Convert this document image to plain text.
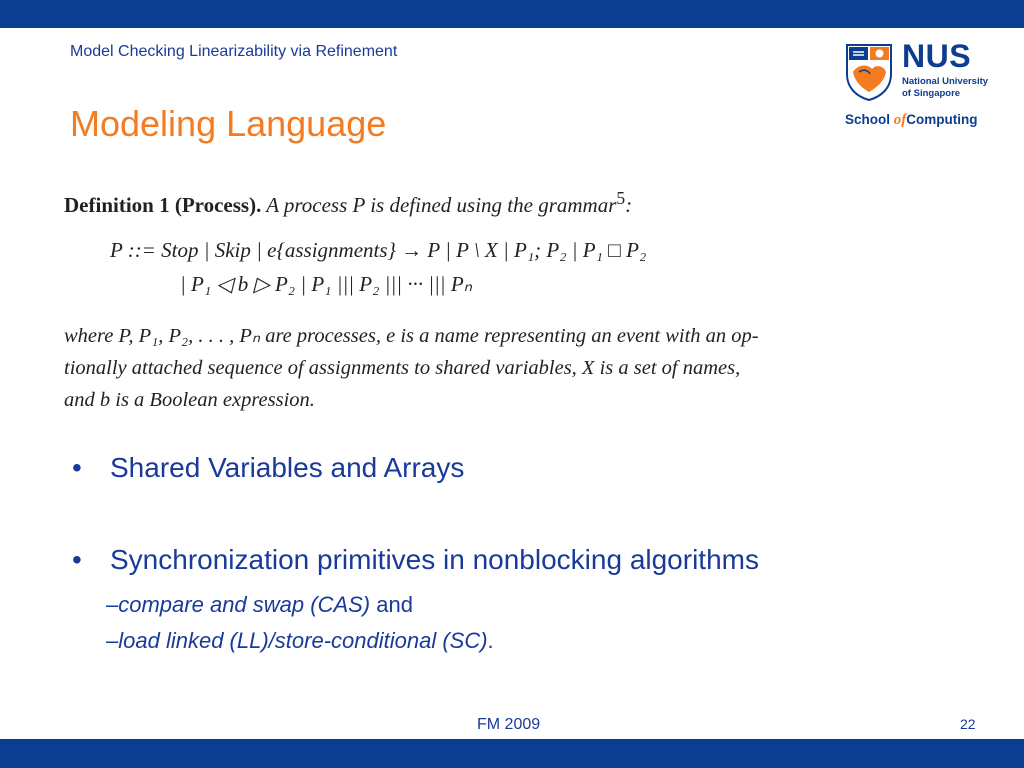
Model Checking Linearizability via Refinement
Modeling Language
NUS
National University
of Singapore
School ofComputing
Definition 1 (Process). A process P is defined using the grammar$^5$:
P ::= Stop | Skip | e{assignments} → P | P \ X | P₁; P₂ | P₁ □ P₂
| P₁ ◁ b ▷ P₂ | P₁ ||| P₂ ||| ··· ||| Pₙ
where P, P₁, P₂, . . . , Pₙ are processes, e is a name representing an event with an op-
tionally attached sequence of assignments to shared variables, X is a set of names,
and b is a Boolean expression.
• Shared Variables and Arrays
• Synchronization primitives in nonblocking algorithms
–compare and swap (CAS) and
–load linked (LL)/store-conditional (SC).
FM 2009	22
